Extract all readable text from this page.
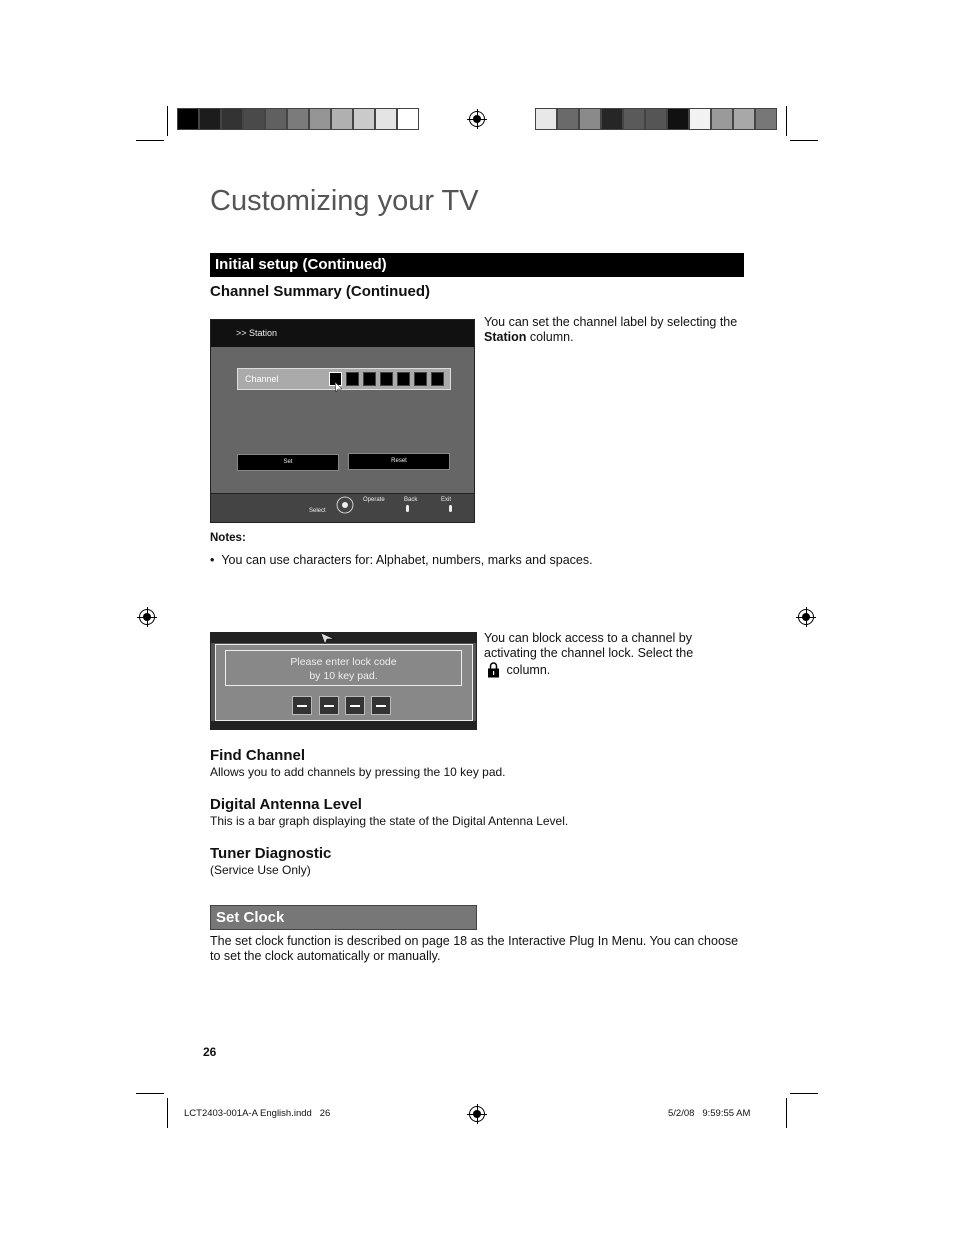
Customizing your TV
Initial setup (Continued)
Channel Summary (Continued)
>> Station
Channel
Set	Reset
Select
Operate	Back	Exit
You can set the channel label by selecting the Station column.
Notes:
•  You can use characters for: Alphabet, numbers, marks and spaces.
Please enter lock code
by 10 key pad.
You can block access to a channel by activating the channel lock. Select the  column.
Find Channel
Allows you to add channels by pressing the 10 key pad.
Digital Antenna Level
This is a bar graph displaying the state of the Digital Antenna Level.
Tuner Diagnostic
(Service Use Only)
Set Clock
The set clock function is described on page 18 as the Interactive Plug In Menu. You can choose to set the clock automatically or manually.
26
LCT2403-001A-A English.indd   26	5/2/08   9:59:55 AM
